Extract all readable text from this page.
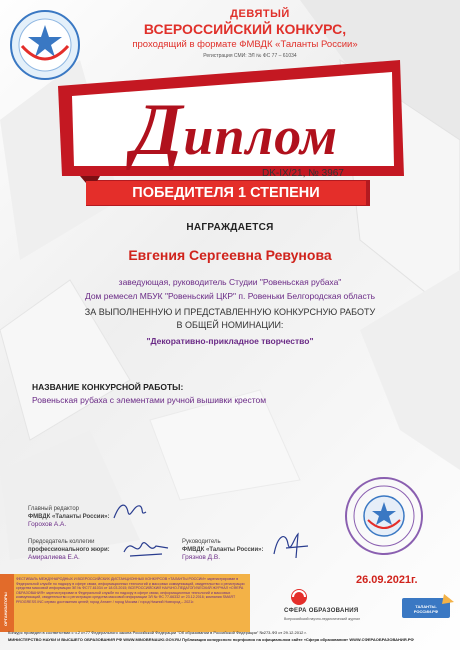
ДЕВЯТЫЙ
ВСЕРОССИЙСКИЙ КОНКУРС,
проходящий в формате ФМВДК «Таланты России»
Регистрация СМИ: ЭЛ № ФС 77 – 61034
Диплом
DK-IX/21, № 3967
ПОБЕДИТЕЛЯ 1 СТЕПЕНИ
НАГРАЖДАЕТСЯ
Евгения Сергеевна Ревунова
заведующая, руководитель Студии "Ровеньская рубаха"
Дом ремесел МБУК "Ровеньский ЦКР" п. Ровеньки Белгородская область
ЗА ВЫПОЛНЕННУЮ И ПРЕДСТАВЛЕННУЮ КОНКУРСНУЮ РАБОТУ
В ОБЩЕЙ НОМИНАЦИИ:
"Декоративно-прикладное творчество"
НАЗВАНИЕ КОНКУРСНОЙ РАБОТЫ:
Ровеньская рубаха с элементами ручной вышивки крестом
Главный редактор
ФМВДК «Таланты России»:
Горохов А.А.
Председатель коллегии
профессионального жюри:
Амиралиева Е.А.
Руководитель
ФМВДК «Таланты России»:
Грязнов Д.В.
26.09.2021г.
ОРГАНИЗАТОРЫ
ФЕСТИВАЛЬ МЕЖДУНАРОДНЫХ И ВСЕРОССИЙСКИХ ДИСТАНЦИОННЫХ КОНКУРСОВ «ТАЛАНТЫ РОССИИ» зарегистрирован в Федеральной службе по надзору в сфере связи, информационных технологий и массовых коммуникаций, свидетельство о регистрации средства массовой информации ЭЛ № ФС77-61034 от 18.03.2015; ВСЕРОССИЙСКИЙ НАУЧНО-ПЕДАГОГИЧЕСКИЙ ЖУРНАЛ «СФЕРА ОБРАЗОВАНИЯ» зарегистрирован в Федеральной службе по надзору в сфере связи, информационных технологий и массовых коммуникаций, свидетельство о регистрации средства массовой информации ЭЛ № ФС 77-66332 от 23.12.2016; компания SMART PROGRESS INC сервис достижения целей; город Атлант / город Москва / город Нижний Новгород – 2021г.
СФЕРА ОБРАЗОВАНИЯ
Всероссийский научно-педагогический журнал
ТАЛАНТЫ-РОССИИ.РФ
Конкурс проведен в соответствии с ч.2 ст.77 Федерального закона Российской Федерации "Об образовании в Российской Федерации" №273-ФЗ от 29.12.2012 г.
МИНИСТЕРСТВО НАУКИ И ВЫСШЕГО ОБРАЗОВАНИЯ РФ WWW.MINOBRNAUKI.GOV.RU Публикация конкурсного портфолио на официальном сайте «Сфера образования» WWW.СФЕРАОБРАЗОВАНИЯ.РФ
